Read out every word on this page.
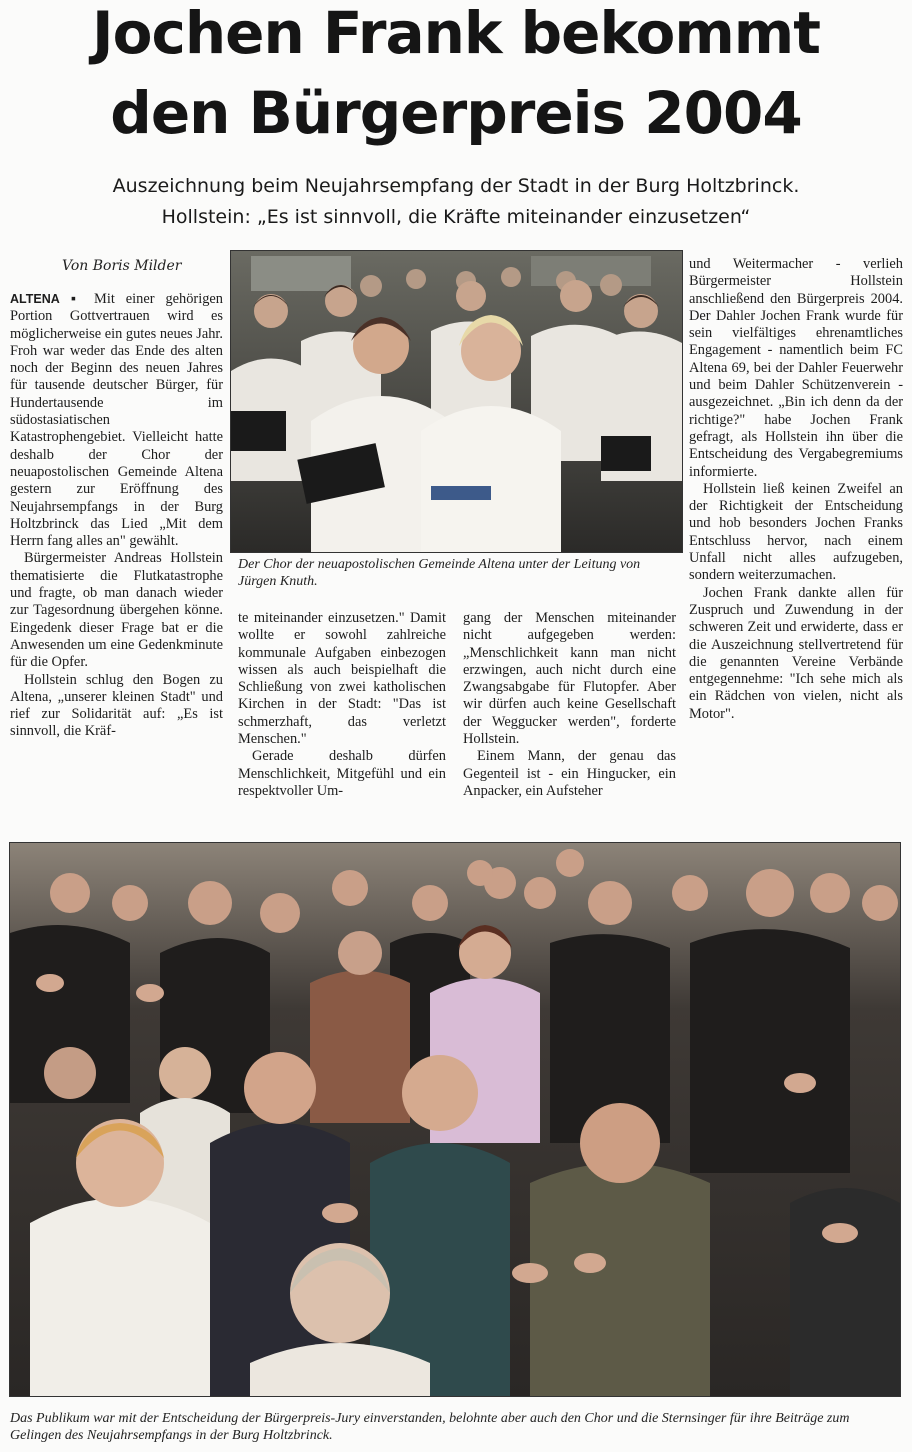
Jochen Frank bekommt
den Bürgerpreis 2004
Auszeichnung beim Neujahrsempfang der Stadt in der Burg Holtzbrinck.
Hollstein: „Es ist sinnvoll, die Kräfte miteinander einzusetzen“
Von Boris Milder

ALTENA ▪ Mit einer gehörigen Portion Gottvertrauen wird es möglicherweise ein gutes neues Jahr. Froh war weder das Ende des alten noch der Beginn des neuen Jahres für tausende deutscher Bürger, für Hundertausende im südostasiatischen Katastrophengebiet. Vielleicht hatte deshalb der Chor der neuapostolischen Gemeinde Altena gestern zur Eröffnung des Neujahrsempfangs in der Burg Holtzbrinck das Lied „Mit dem Herrn fang alles an" gewählt.

Bürgermeister Andreas Hollstein thematisierte die Flutkatastrophe und fragte, ob man danach wieder zur Tagesordnung übergehen könne. Eingedenk dieser Frage bat er die Anwesenden um eine Gedenkminute für die Opfer.

Hollstein schlug den Bogen zu Altena, „unserer kleinen Stadt" und rief zur Solidarität auf: „Es ist sinnvoll, die Kräf-

Der Chor der neuapostolischen Gemeinde Altena unter der Leitung von Jürgen Knuth.

te miteinander einzusetzen." Damit wollte er sowohl zahlreiche kommunale Aufgaben einbezogen wissen als auch beispielhaft die Schließung von zwei katholischen Kirchen in der Stadt: "Das ist schmerzhaft, das verletzt Menschen."

Gerade deshalb dürfen Menschlichkeit, Mitgefühl und ein respektvoller Um-

gang der Menschen miteinander nicht aufgegeben werden: „Menschlichkeit kann man nicht erzwingen, auch nicht durch eine Zwangsabgabe für Flutopfer. Aber wir dürfen auch keine Gesellschaft der Weggucker werden", forderte Hollstein.

Einem Mann, der genau das Gegenteil ist - ein Hingucker, ein Anpacker, ein Aufsteher

und Weitermacher - verlieh Bürgermeister Hollstein anschließend den Bürgerpreis 2004. Der Dahler Jochen Frank wurde für sein vielfältiges ehrenamtliches Engagement - namentlich beim FC Altena 69, bei der Dahler Feuerwehr und beim Dahler Schützenverein - ausgezeichnet. „Bin ich denn da der richtige?" habe Jochen Frank gefragt, als Hollstein ihn über die Entscheidung des Vergabegremiums informierte.

Hollstein ließ keinen Zweifel an der Richtigkeit der Entscheidung und hob besonders Jochen Franks Entschluss hervor, nach einem Unfall nicht alles aufzugeben, sondern weiterzumachen.

Jochen Frank dankte allen für Zuspruch und Zuwendung in der schweren Zeit und erwiderte, dass er die Auszeichnung stellvertretend für die genannten Vereine Verbände entgegennehme: "Ich sehe mich als ein Rädchen von vielen, nicht als Motor".

Das Publikum war mit der Entscheidung der Bürgerpreis-Jury einverstanden, belohnte aber auch den Chor und die Sternsinger für ihre Beiträge zum Gelingen des Neujahrsempfangs in der Burg Holtzbrinck.
